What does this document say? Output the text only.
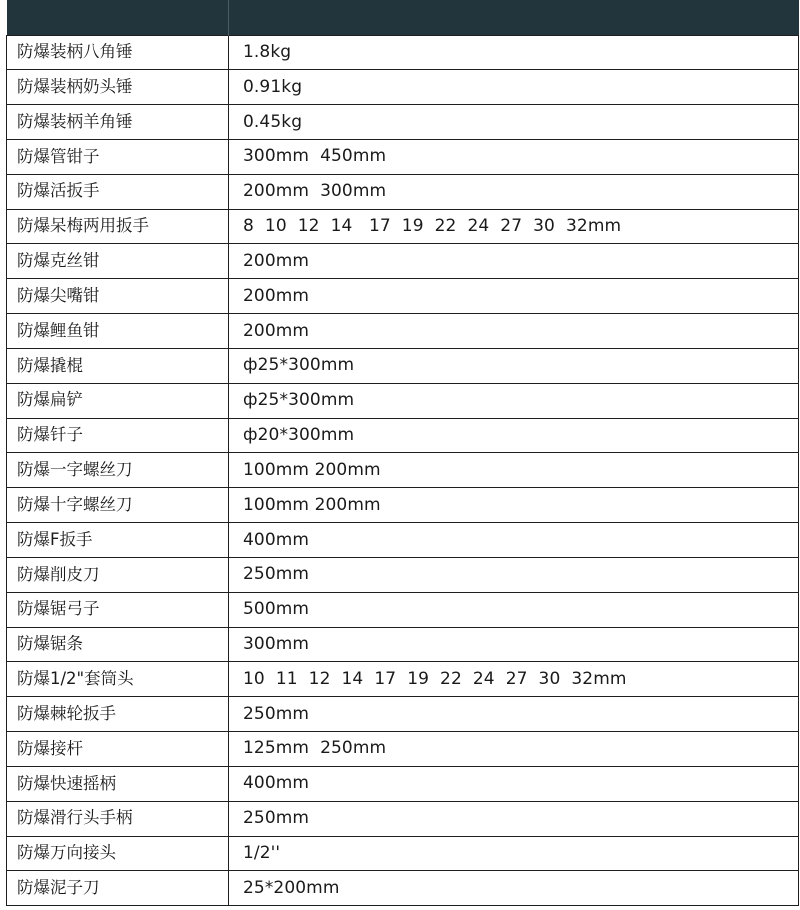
防爆装柄八角锤	1.8kg
防爆装柄奶头锤	0.91kg
防爆装柄羊角锤	0.45kg
防爆管钳子	300mm  450mm
防爆活扳手	200mm  300mm
防爆呆梅两用扳手	8  10  12  14   17  19  22  24  27  30  32mm
防爆克丝钳	200mm
防爆尖嘴钳	200mm
防爆鲤鱼钳	200mm
防爆撬棍	ф25*300mm
防爆扁铲	ф25*300mm
防爆钎子	ф20*300mm
防爆一字螺丝刀	100mm 200mm
防爆十字螺丝刀	100mm 200mm
防爆F扳手	400mm
防爆削皮刀	250mm
防爆锯弓子	500mm
防爆锯条	300mm
防爆1/2"套筒头	10  11  12  14  17  19  22  24  27  30  32mm
防爆棘轮扳手	250mm
防爆接杆	125mm  250mm
防爆快速摇柄	400mm
防爆滑行头手柄	250mm
防爆万向接头	1/2''
防爆泥子刀	25*200mm
